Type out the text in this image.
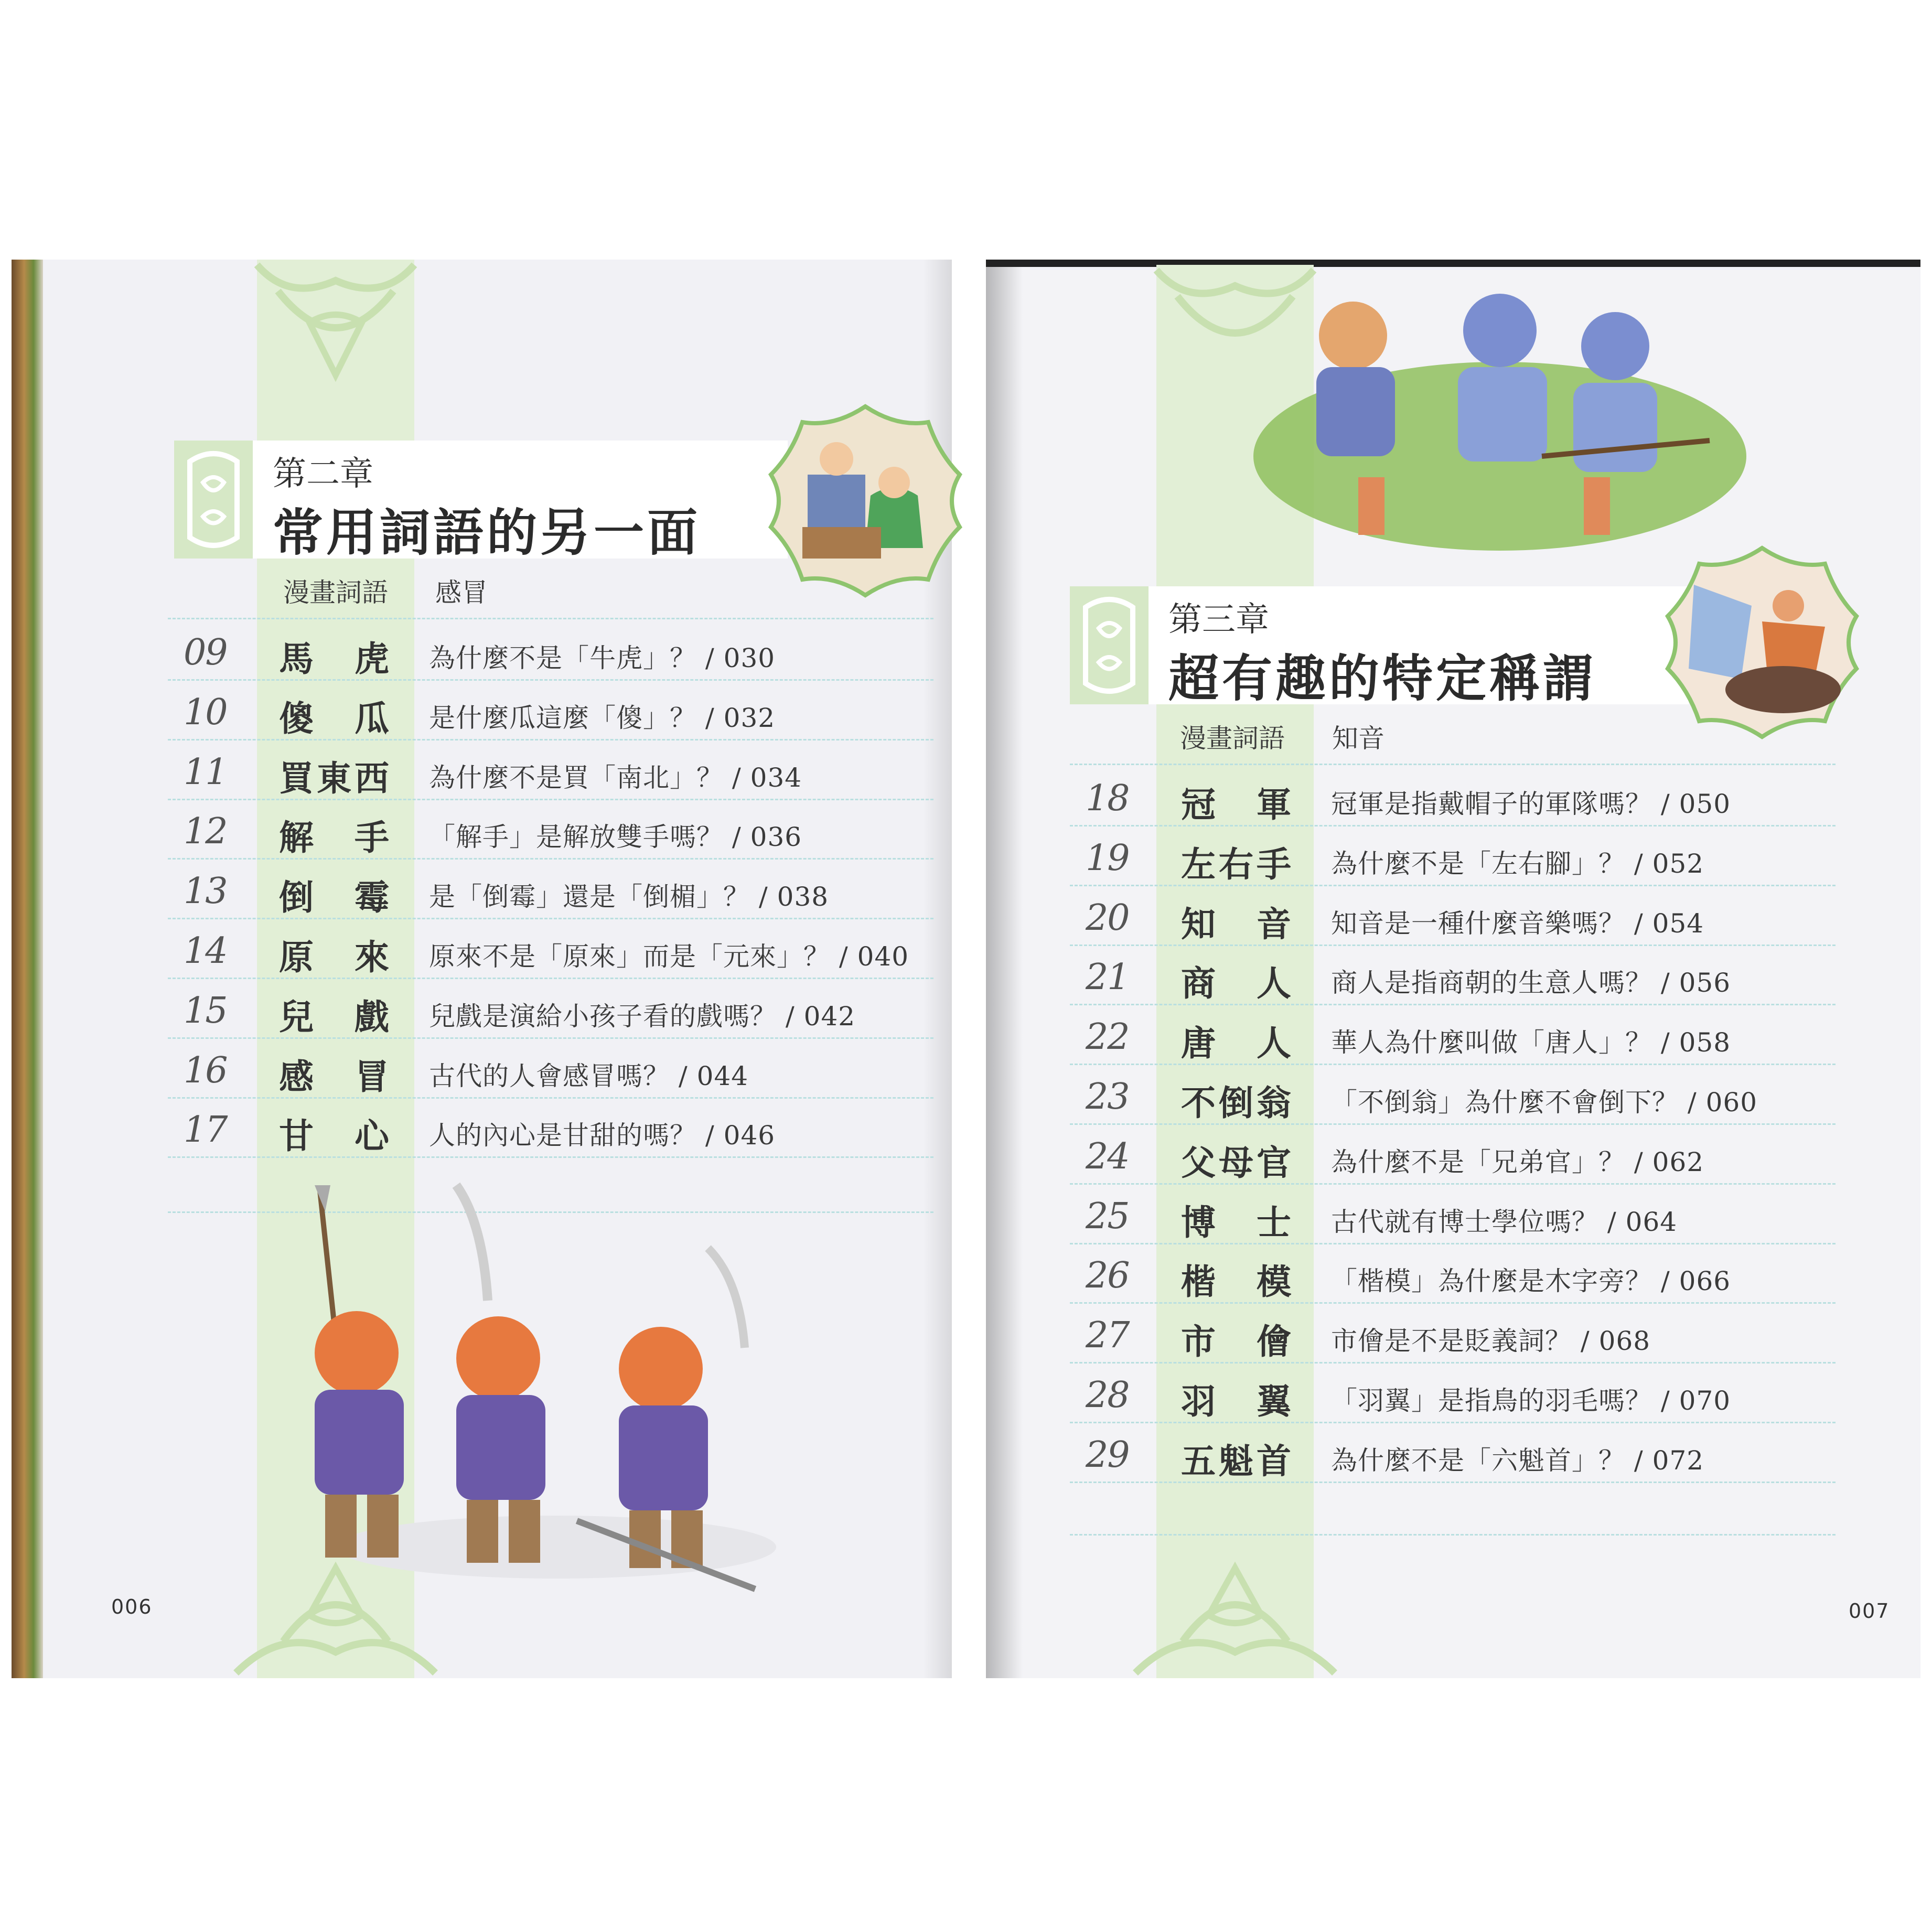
第二章
常用詞語的另一面
漫畫詞語 感冒
09 馬虎 為什麼不是「牛虎」？ / 030
10 傻瓜 是什麼瓜這麼「傻」？ / 032
11 買東西 為什麼不是買「南北」？ / 034
12 解手 「解手」是解放雙手嗎？ / 036
13 倒霉 是「倒霉」還是「倒楣」？ / 038
14 原來 原來不是「原來」而是「元來」？ / 040
15 兒戲 兒戲是演給小孩子看的戲嗎？ / 042
16 感冒 古代的人會感冒嗎？ / 044
17 甘心 人的內心是甘甜的嗎？ / 046
006
第三章
超有趣的特定稱謂
漫畫詞語 知音
18 冠軍 冠軍是指戴帽子的軍隊嗎？ / 050
19 左右手 為什麼不是「左右腳」？ / 052
20 知音 知音是一種什麼音樂嗎？ / 054
21 商人 商人是指商朝的生意人嗎？ / 056
22 唐人 華人為什麼叫做「唐人」？ / 058
23 不倒翁 「不倒翁」為什麼不會倒下？ / 060
24 父母官 為什麼不是「兄弟官」？ / 062
25 博士 古代就有博士學位嗎？ / 064
26 楷模 「楷模」為什麼是木字旁？ / 066
27 市儈 市儈是不是貶義詞？ / 068
28 羽翼 「羽翼」是指鳥的羽毛嗎？ / 070
29 五魁首 為什麼不是「六魁首」？ / 072
007
